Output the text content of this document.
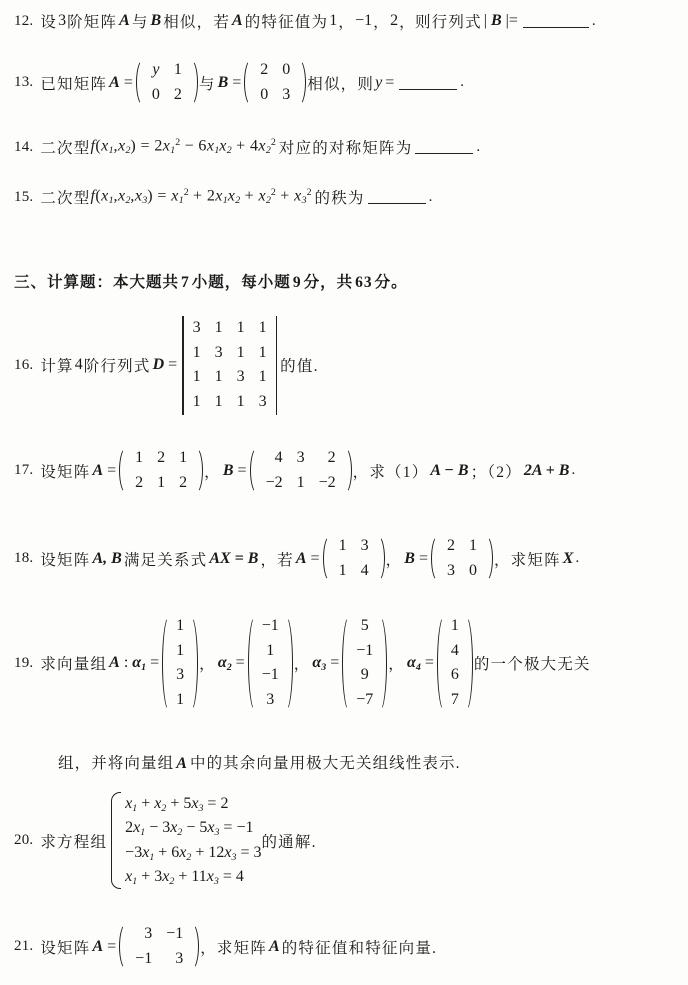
12. 设 3 阶矩阵 A 与 B 相似，若 A 的特征值为 1 ， −1 ， 2 ， 则行列式 | B |=	.
13. 已知矩阵 A =
y	1
0	2
与 B =
2	0
0	3
相似，则 y =	.
14. 二次型 $f(x_1,x_2) = 2x_1^2 - 6x_1x_2 + 4x_2^2$ 对应的对称矩阵为	.
15. 二次型 $f(x_1,x_2,x_3) = x_1^2 + 2x_1x_2 + x_2^2 + x_3^2$ 的秩为	.
三、计算题：本大题共 7 小题，每小题 9 分，共 63 分。
16. 计算 4 阶行列式 D =
3	1	1	1
1	3	1	1
1	1	3	1
1	1	1	3
的值.
17. 设矩阵 A =
1	2	1
2	1	2
， B =
4	3	2
−2	1	−2
，求（1） A − B ；（2） 2A + B .
18. 设矩阵 A, B 满足关系式 AX = B ，若 A =
1	3
1	4
， B =
2	1
3	0
，求矩阵 X .
19. 求向量组 A : $\alpha_1$ =
1
1
3
1
， $\alpha_2$ =
−1
1
−1
3
， $\alpha_3$ =
5
−1
9
−7
， $\alpha_4$ =
1
4
6
7
的一个极大无关
组，并将向量组 A 中的其余向量用极大无关组线性表示.
20. 求方程组
$x_1 + x_2 + 5x_3 = 2$
$2x_1 - 3x_2 - 5x_3 = -1$
$-3x_1 + 6x_2 + 12x_3 = 3$
$x_1 + 3x_2 + 11x_3 = 4$
的通解.
21. 设矩阵 A =
3	−1
−1	3
，求矩阵 A 的特征值和特征向量.
